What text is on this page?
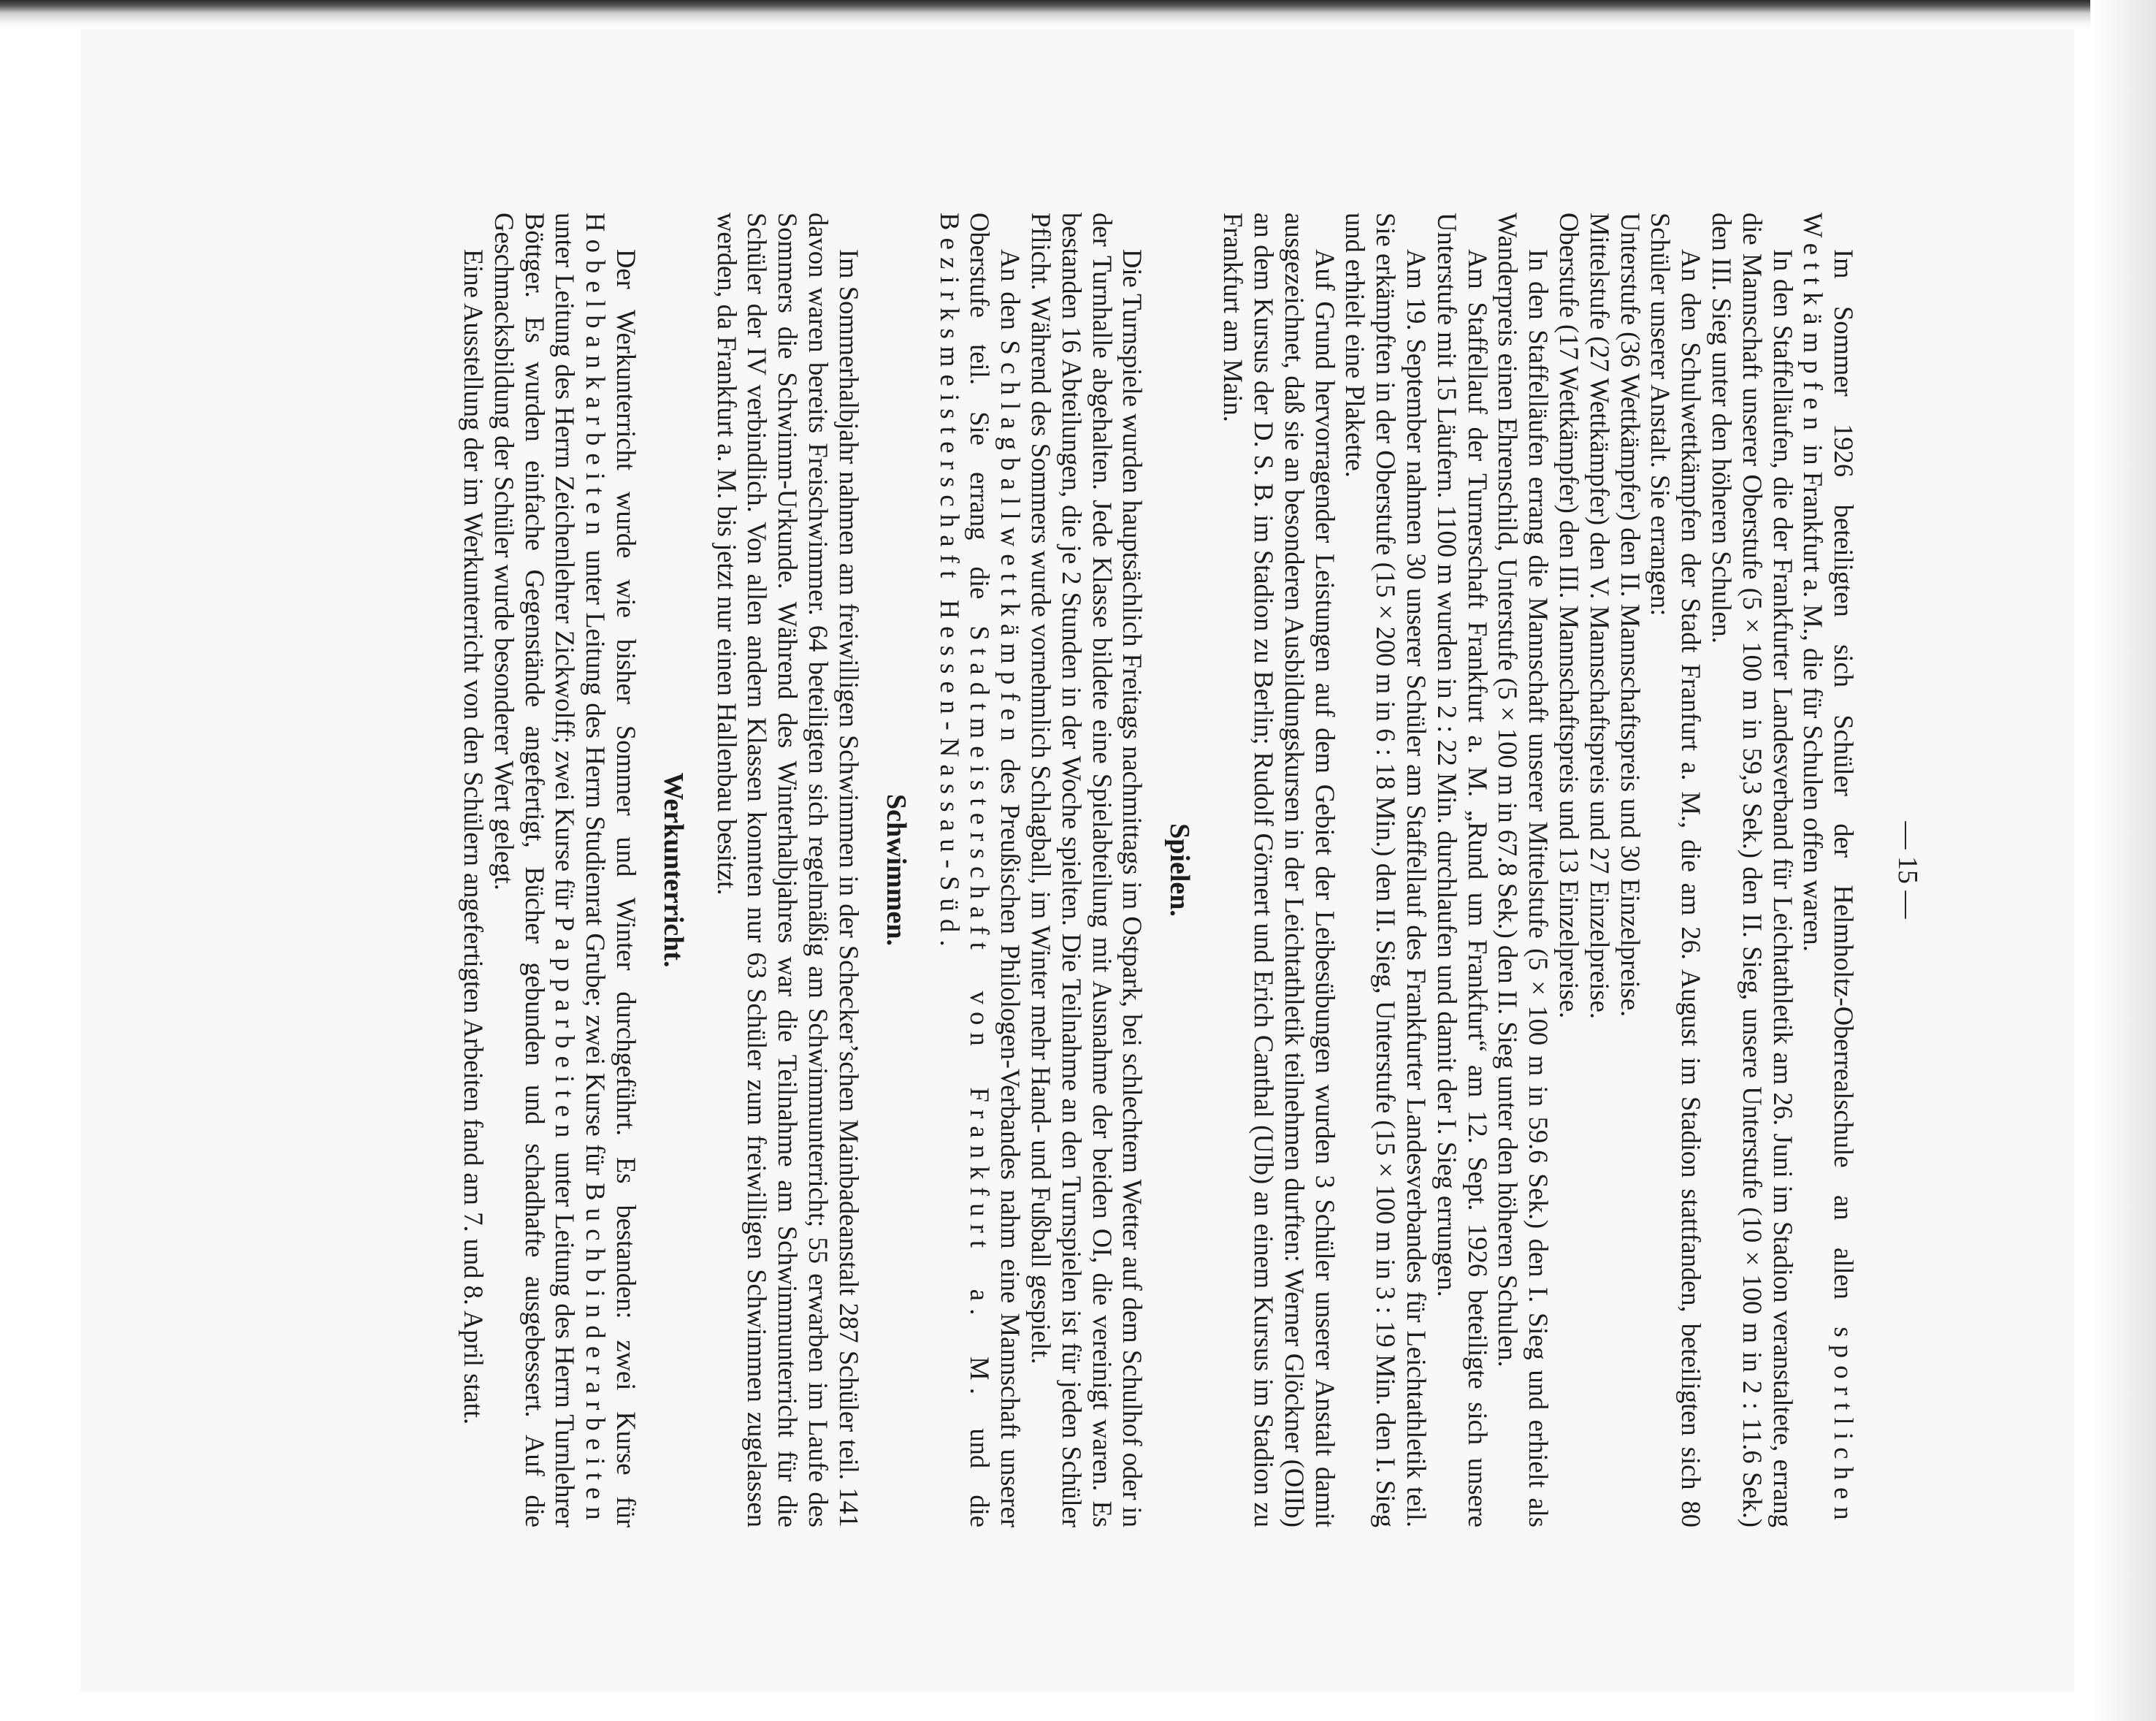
— 15 —

Im Sommer 1926 beteiligten sich Schüler der Helmholtz-Oberrealschule an allen sportlichen Wettkämpfen in Frankfurt a. M., die für Schulen offen waren.

In den Staffelläufen, die der Frankfurter Landesverband für Leichtathletik am 26. Juni im Stadion veranstaltete, errang die Mannschaft unserer Oberstufe (5 × 100 m in 59,3 Sek.) den II. Sieg, unsere Unterstufe (10 × 100 m in 2 : 11.6 Sek.) den III. Sieg unter den höheren Schulen.

An den Schulwettkämpfen der Stadt Franfurt a. M., die am 26. August im Stadion stattfanden, beteiligten sich 80 Schüler unserer Anstalt. Sie errangen:

Unterstufe (36 Wettkämpfer) den II. Mannschaftspreis und 30 Einzelpreise.

Mittelstufe (27 Wettkämpfer) den V. Mannschaftspreis und 27 Einzelpreise.

Oberstufe (17 Wettkämpfer) den III. Mannschaftspreis und 13 Einzelpreise.

In den Staffelläufen errang die Mannschaft unserer Mittelstufe (5 × 100 m in 59.6 Sek.) den I. Sieg und erhielt als Wanderpreis einen Ehrenschild, Unterstufe (5 × 100 m in 67.8 Sek.) den II. Sieg unter den höheren Schulen.

Am Staffellauf der Turnerschaft Frankfurt a. M. „Rund um Frankfurt“ am 12. Sept. 1926 beteiligte sich unsere Unterstufe mit 15 Läufern. 1100 m wurden in 2 : 22 Min. durchlaufen und damit der I. Sieg errungen.

Am 19. September nahmen 30 unserer Schüler am Staffellauf des Frankfurter Landesverbandes für Leichtathletik teil. Sie erkämpften in der Oberstufe (15 × 200 m in 6 : 18 Min.) den II. Sieg, Unterstufe (15 × 100 m in 3 : 19 Min. den I. Sieg und erhielt eine Plakette.

Auf Grund hervorragender Leistungen auf dem Gebiet der Leibesübungen wurden 3 Schüler unserer Anstalt damit ausgezeichnet, daß sie an besonderen Ausbildungskursen in der Leichtathletik teilnehmen durften: Werner Glöckner (OIIb) an dem Kursus der D. S. B. im Stadion zu Berlin; Rudolf Görnert und Erich Canthal (UIb) an einem Kursus im Stadion zu Frankfurt am Main.

Spielen.

Die Turnspiele wurden hauptsächlich Freitags nachmittags im Ostpark, bei schlechtem Wetter auf dem Schulhof oder in der Turnhalle abgehalten. Jede Klasse bildete eine Spielabteilung mit Ausnahme der beiden OI, die vereinigt waren. Es bestanden 16 Abteilungen, die je 2 Stunden in der Woche spielten. Die Teilnahme an den Turnspielen ist für jeden Schüler Pflicht. Während des Sommers wurde vornehmlich Schlagball, im Winter mehr Hand- und Fußball gespielt.

An den Schlagballwettkämpfen des Preußischen Philologen-Verbandes nahm eine Mannschaft unserer Oberstufe teil. Sie errang die Stadtmeisterschaft von Frankfurt a. M. und die Bezirksmeisterschaft Hessen-Nassau-Süd.

Schwimmen.

Im Sommerhalbjahr nahmen am freiwilligen Schwimmen in der Schecker’schen Mainbadeanstalt 287 Schüler teil. 141 davon waren bereits Freischwimmer. 64 beteiligten sich regelmäßig am Schwimmunterricht; 55 erwarben im Laufe des Sommers die Schwimm-Urkunde. Während des Winterhalbjahres war die Teilnahme am Schwimmunterricht für die Schüler der IV verbindlich. Von allen andern Klassen konnten nur 63 Schüler zum freiwilligen Schwimmen zugelassen werden, da Frankfurt a. M. bis jetzt nur einen Hallenbau besitzt.

Werkunterricht.

Der Werkunterricht wurde wie bisher Sommer und Winter durchgeführt. Es bestanden: zwei Kurse für Hobelbankarbeiten unter Leitung des Herrn Studienrat Grube; zwei Kurse für Buchbinderarbeiten unter Leitung des Herrn Zeichenlehrer Zickwolff; zwei Kurse für Papparbeiten unter Leitung des Herrn Turnlehrer Böttger. Es wurden einfache Gegenstände angefertigt, Bücher gebunden und schadhafte ausgebessert. Auf die Geschmacksbildung der Schüler wurde besonderer Wert gelegt.

Eine Ausstellung der im Werkunterricht von den Schülern angefertigten Arbeiten fand am 7. und 8. April statt.
